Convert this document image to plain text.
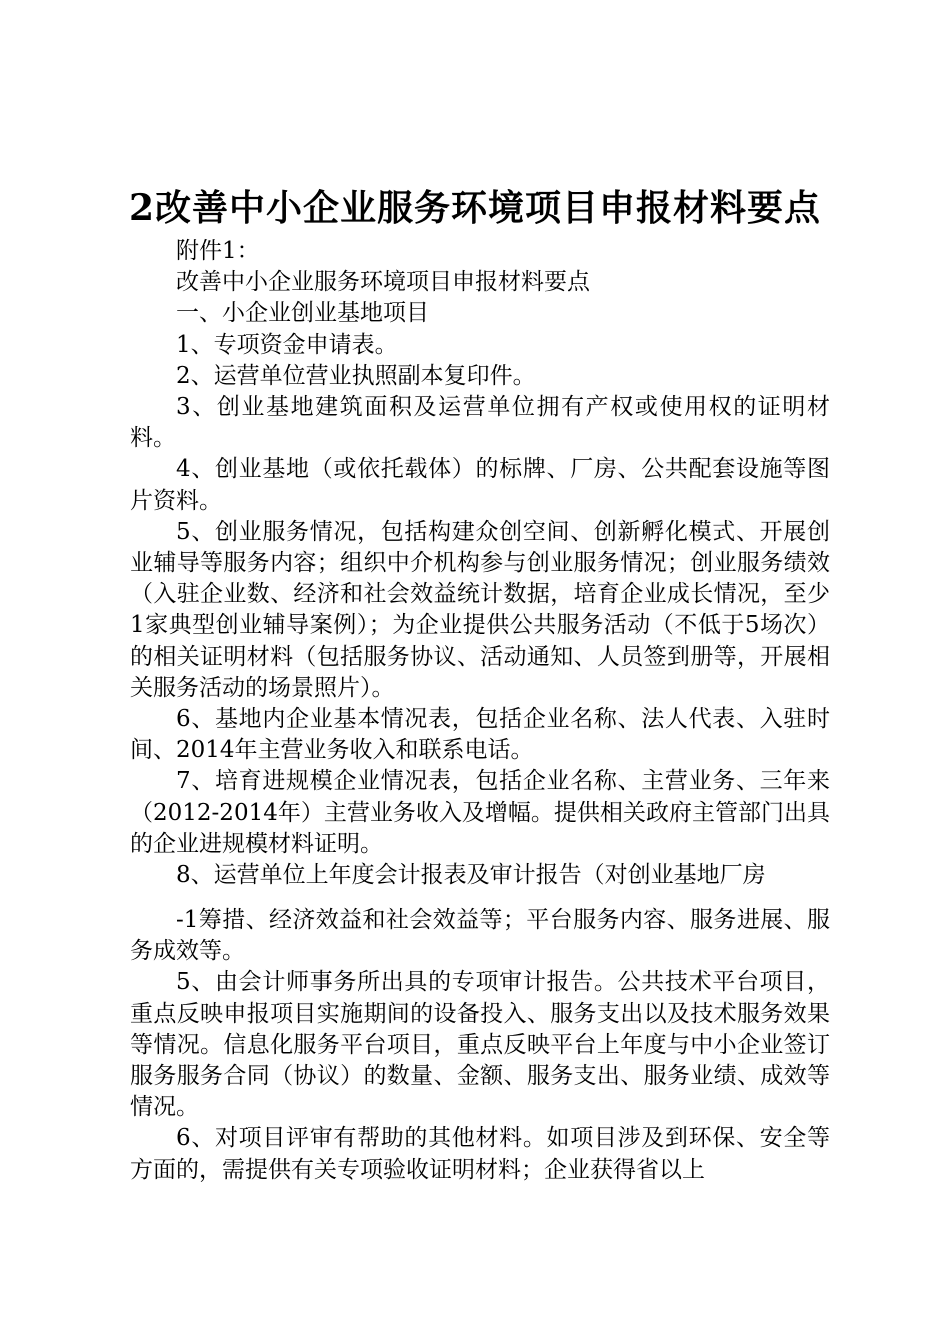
2改善中小企业服务环境项目申报材料要点

附件1：

改善中小企业服务环境项目申报材料要点

一、小企业创业基地项目

1、专项资金申请表。

2、运营单位营业执照副本复印件。

3、创业基地建筑面积及运营单位拥有产权或使用权的证明材料。

4、创业基地（或依托载体）的标牌、厂房、公共配套设施等图片资料。

5、创业服务情况，包括构建众创空间、创新孵化模式、开展创业辅导等服务内容；组织中介机构参与创业服务情况；创业服务绩效（入驻企业数、经济和社会效益统计数据，培育企业成长情况，至少1家典型创业辅导案例）；为企业提供公共服务活动（不低于5场次）的相关证明材料（包括服务协议、活动通知、人员签到册等，开展相关服务活动的场景照片）。

6、基地内企业基本情况表，包括企业名称、法人代表、入驻时间、2014年主营业务收入和联系电话。

7、培育进规模企业情况表，包括企业名称、主营业务、三年来（2012-2014年）主营业务收入及增幅。提供相关政府主管部门出具的企业进规模材料证明。

8、运营单位上年度会计报表及审计报告（对创业基地厂房

-1筹措、经济效益和社会效益等；平台服务内容、服务进展、服务成效等。

5、由会计师事务所出具的专项审计报告。公共技术平台项目，重点反映申报项目实施期间的设备投入、服务支出以及技术服务效果等情况。信息化服务平台项目，重点反映平台上年度与中小企业签订服务服务合同（协议）的数量、金额、服务支出、服务业绩、成效等情况。

6、对项目评审有帮助的其他材料。如项目涉及到环保、安全等方面的，需提供有关专项验收证明材料；企业获得省以上
